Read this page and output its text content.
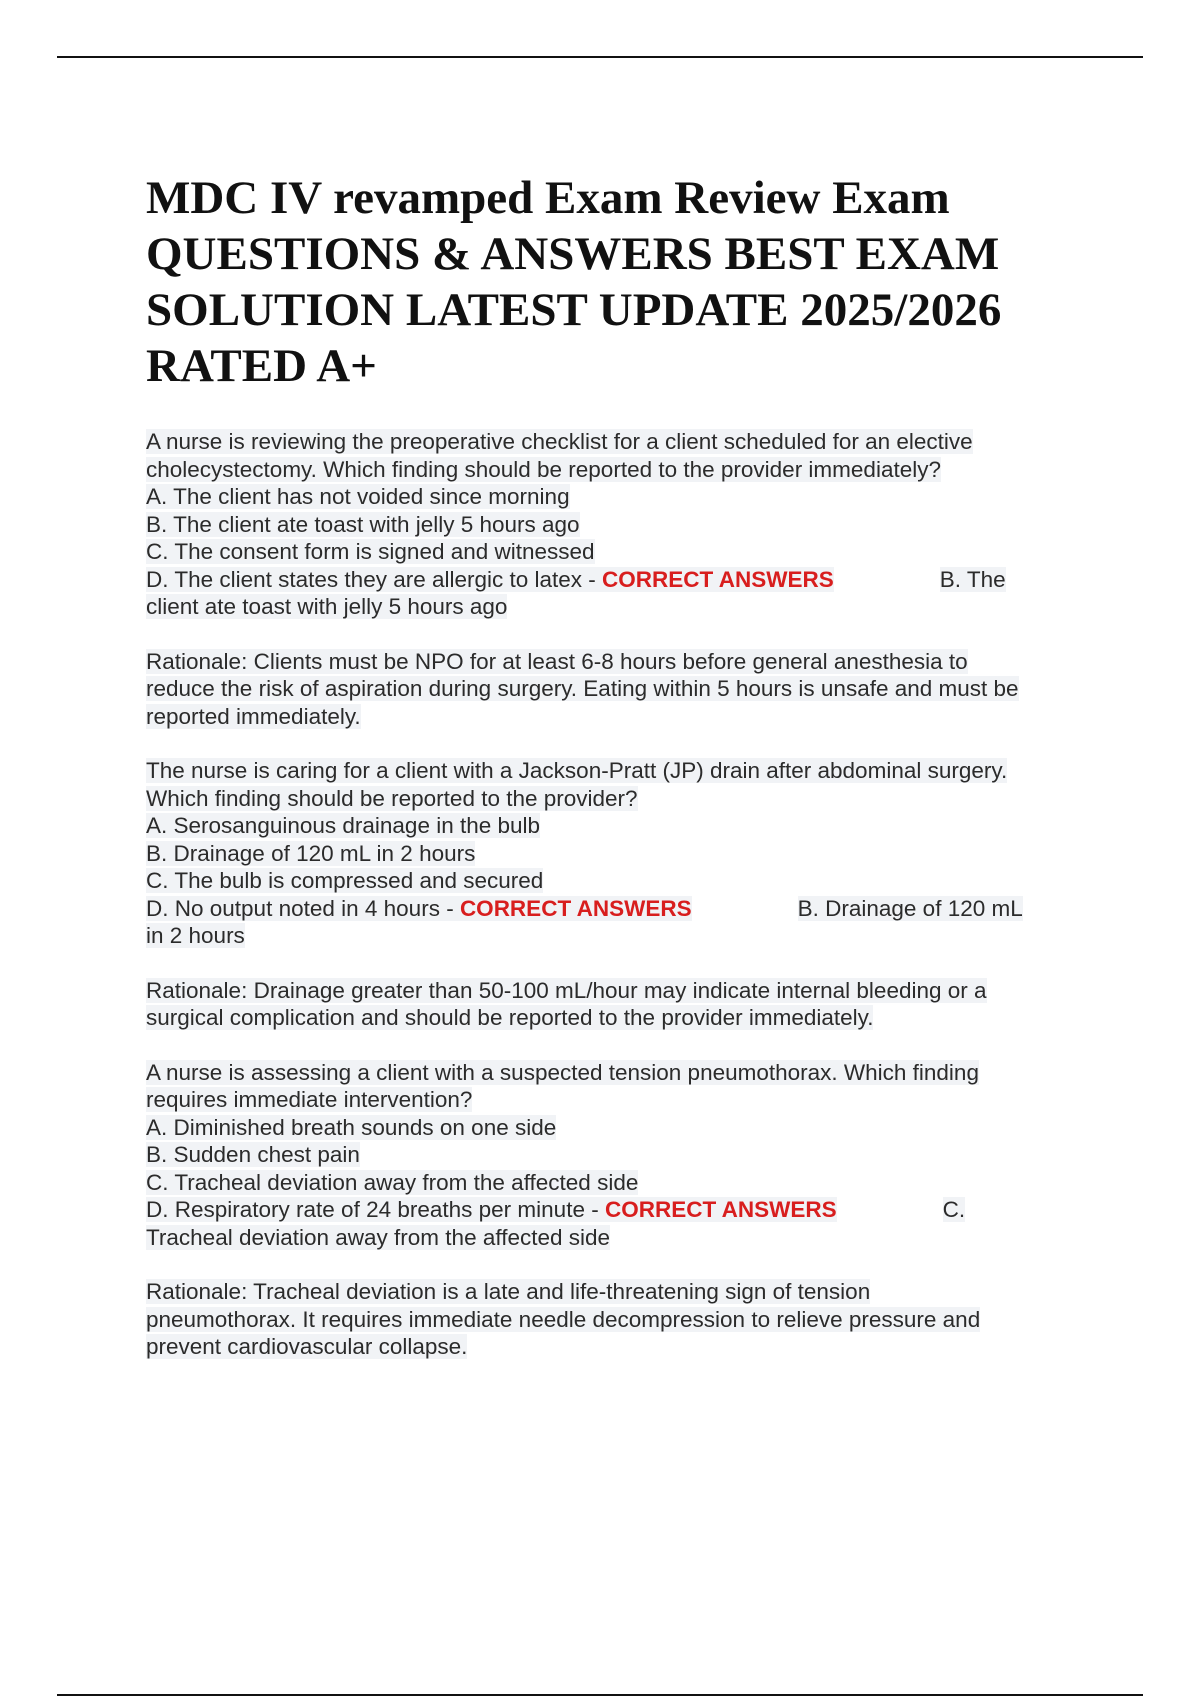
MDC IV revamped Exam Review Exam
QUESTIONS & ANSWERS BEST EXAM
SOLUTION LATEST UPDATE 2025/2026
RATED A+
A nurse is reviewing the preoperative checklist for a client scheduled for an elective
cholecystectomy. Which finding should be reported to the provider immediately?
A. The client has not voided since morning
B. The client ate toast with jelly 5 hours ago
C. The consent form is signed and witnessed
D. The client states they are allergic to latex - CORRECT ANSWERS	B. The
client ate toast with jelly 5 hours ago
Rationale: Clients must be NPO for at least 6-8 hours before general anesthesia to
reduce the risk of aspiration during surgery. Eating within 5 hours is unsafe and must be
reported immediately.
The nurse is caring for a client with a Jackson-Pratt (JP) drain after abdominal surgery.
Which finding should be reported to the provider?
A. Serosanguinous drainage in the bulb
B. Drainage of 120 mL in 2 hours
C. The bulb is compressed and secured
D. No output noted in 4 hours - CORRECT ANSWERS	B. Drainage of 120 mL
in 2 hours
Rationale: Drainage greater than 50-100 mL/hour may indicate internal bleeding or a
surgical complication and should be reported to the provider immediately.
A nurse is assessing a client with a suspected tension pneumothorax. Which finding
requires immediate intervention?
A. Diminished breath sounds on one side
B. Sudden chest pain
C. Tracheal deviation away from the affected side
D. Respiratory rate of 24 breaths per minute - CORRECT ANSWERS	C.
Tracheal deviation away from the affected side
Rationale: Tracheal deviation is a late and life-threatening sign of tension
pneumothorax. It requires immediate needle decompression to relieve pressure and
prevent cardiovascular collapse.
